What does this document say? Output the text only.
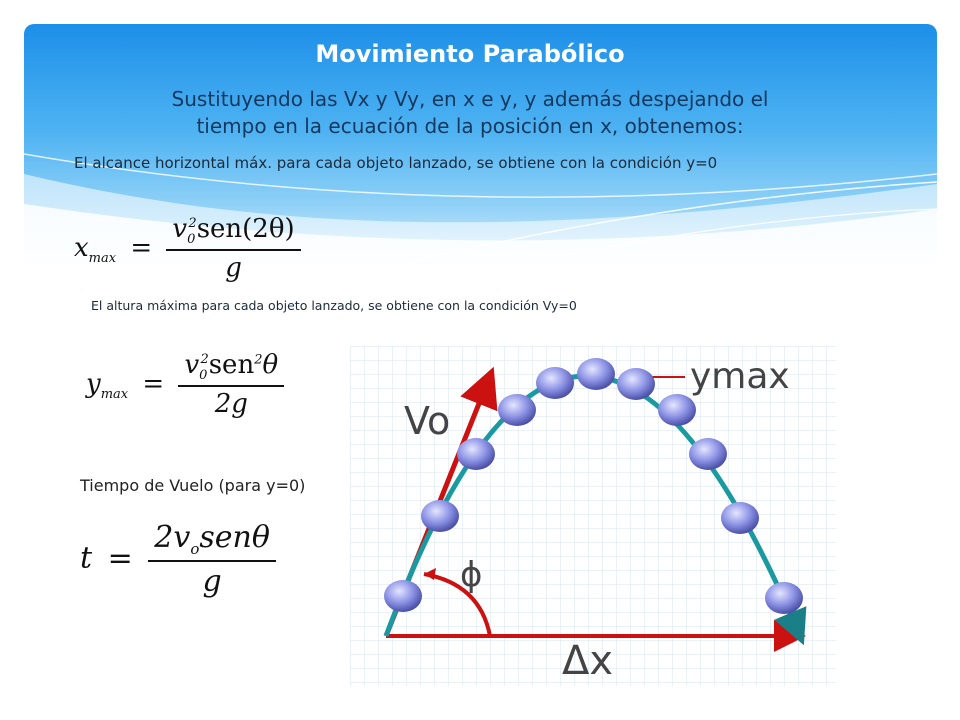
Movimiento Parabólico
Sustituyendo las Vx y Vy, en x e y, y además despejando el
tiempo en la ecuación de la posición en x, obtenemos:
El alcance horizontal máx. para cada objeto lanzado, se obtiene con la condición y=0
$x_{max} = \frac{v_0^2sen(2\theta)}{g}$
El altura máxima para cada objeto lanzado, se obtiene con la condición Vy=0
$y_{max} = \frac{v_0^2sen^2\theta}{2g}$
Tiempo de Vuelo (para y=0)
$t = \frac{2v_osen\theta}{g}$
Vo
ymax
ϕ
Δx
